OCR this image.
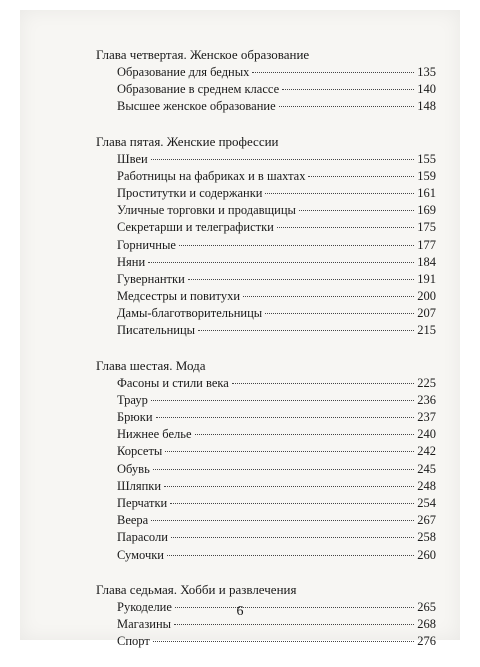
Глава четвертая. Женское образование
Образование для бедных	135
Образование в среднем классе	140
Высшее женское образование	148
Глава пятая. Женские профессии
Швеи	155
Работницы на фабриках и в шахтах	159
Проститутки и содержанки	161
Уличные торговки и продавщицы	169
Секретарши и телеграфистки	175
Горничные	177
Няни	184
Гувернантки	191
Медсестры и повитухи	200
Дамы-благотворительницы	207
Писательницы	215
Глава шестая. Мода
Фасоны и стили века	225
Траур	236
Брюки	237
Нижнее белье	240
Корсеты	242
Обувь	245
Шляпки	248
Перчатки	254
Веера	267
Парасоли	258
Сумочки	260
Глава седьмая. Хобби и развлечения
Рукоделие	265
Магазины	268
Спорт	276
6
